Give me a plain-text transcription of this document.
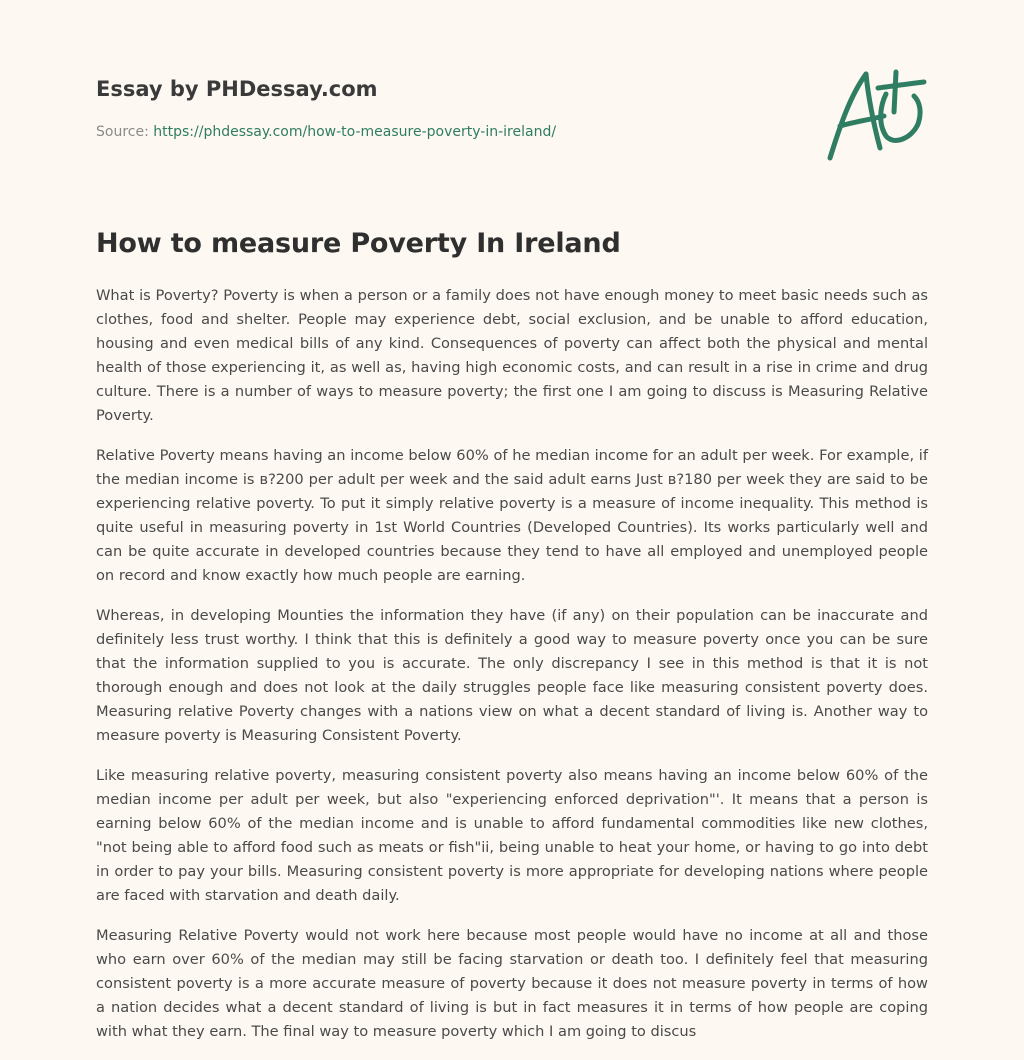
Essay by PHDessay.com
Source: https://phdessay.com/how-to-measure-poverty-in-ireland/
How to measure Poverty In Ireland

What is Poverty? Poverty is when a person or a family does not have enough money to meet basic needs such as clothes, food and shelter. People may experience debt, social exclusion, and be unable to afford education, housing and even medical bills of any kind. Consequences of poverty can affect both the physical and mental health of those experiencing it, as well as, having high economic costs, and can result in a rise in crime and drug culture. There is a number of ways to measure poverty; the first one I am going to discuss is Measuring Relative Poverty.

Relative Poverty means having an income below 60% of he median income for an adult per week. For example, if the median income is в?200 per adult per week and the said adult earns Just в?180 per week they are said to be experiencing relative poverty. To put it simply relative poverty is a measure of income inequality. This method is quite useful in measuring poverty in 1st World Countries (Developed Countries). Its works particularly well and can be quite accurate in developed countries because they tend to have all employed and unemployed people on record and know exactly how much people are earning.

Whereas, in developing Mounties the information they have (if any) on their population can be inaccurate and definitely less trust worthy. I think that this is definitely a good way to measure poverty once you can be sure that the information supplied to you is accurate. The only discrepancy I see in this method is that it is not thorough enough and does not look at the daily struggles people face like measuring consistent poverty does. Measuring relative Poverty changes with a nations view on what a decent standard of living is. Another way to measure poverty is Measuring Consistent Poverty.

Like measuring relative poverty, measuring consistent poverty also means having an income below 60% of the median income per adult per week, but also "experiencing enforced deprivation"'. It means that a person is earning below 60% of the median income and is unable to afford fundamental commodities like new clothes, "not being able to afford food such as meats or fish"ii, being unable to heat your home, or having to go into debt in order to pay your bills. Measuring consistent poverty is more appropriate for developing nations where people are faced with starvation and death daily.

Measuring Relative Poverty would not work here because most people would have no income at all and those who earn over 60% of the median may still be facing starvation or death too. I definitely feel that measuring consistent poverty is a more accurate measure of poverty because it does not measure poverty in terms of how a nation decides what a decent standard of living is but in fact measures it in terms of how people are coping with what they earn. The final way to measure poverty which I am going to discus
